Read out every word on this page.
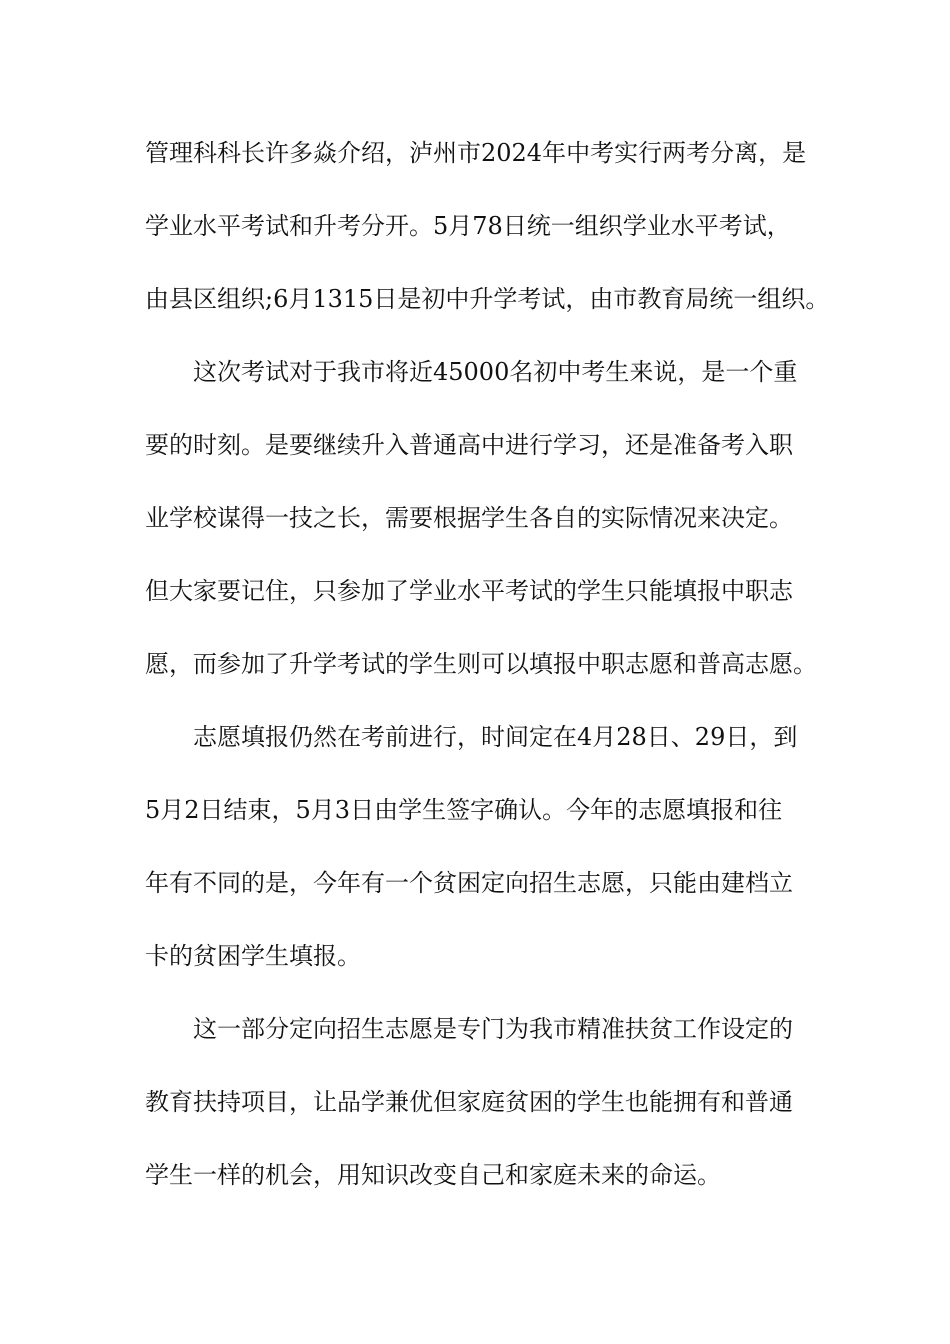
管理科科长许多焱介绍，泸州市2024年中考实行两考分离，是
学业水平考试和升考分开。5月78日统一组织学业水平考试，
由县区组织;6月1315日是初中升学考试，由市教育局统一组织。
这次考试对于我市将近45000名初中考生来说，是一个重
要的时刻。是要继续升入普通高中进行学习，还是准备考入职
业学校谋得一技之长，需要根据学生各自的实际情况来决定。
但大家要记住，只参加了学业水平考试的学生只能填报中职志
愿，而参加了升学考试的学生则可以填报中职志愿和普高志愿。
志愿填报仍然在考前进行，时间定在4月28日、29日，到
5月2日结束，5月3日由学生签字确认。今年的志愿填报和往
年有不同的是，今年有一个贫困定向招生志愿，只能由建档立
卡的贫困学生填报。
这一部分定向招生志愿是专门为我市精准扶贫工作设定的
教育扶持项目，让品学兼优但家庭贫困的学生也能拥有和普通
学生一样的机会，用知识改变自己和家庭未来的命运。
